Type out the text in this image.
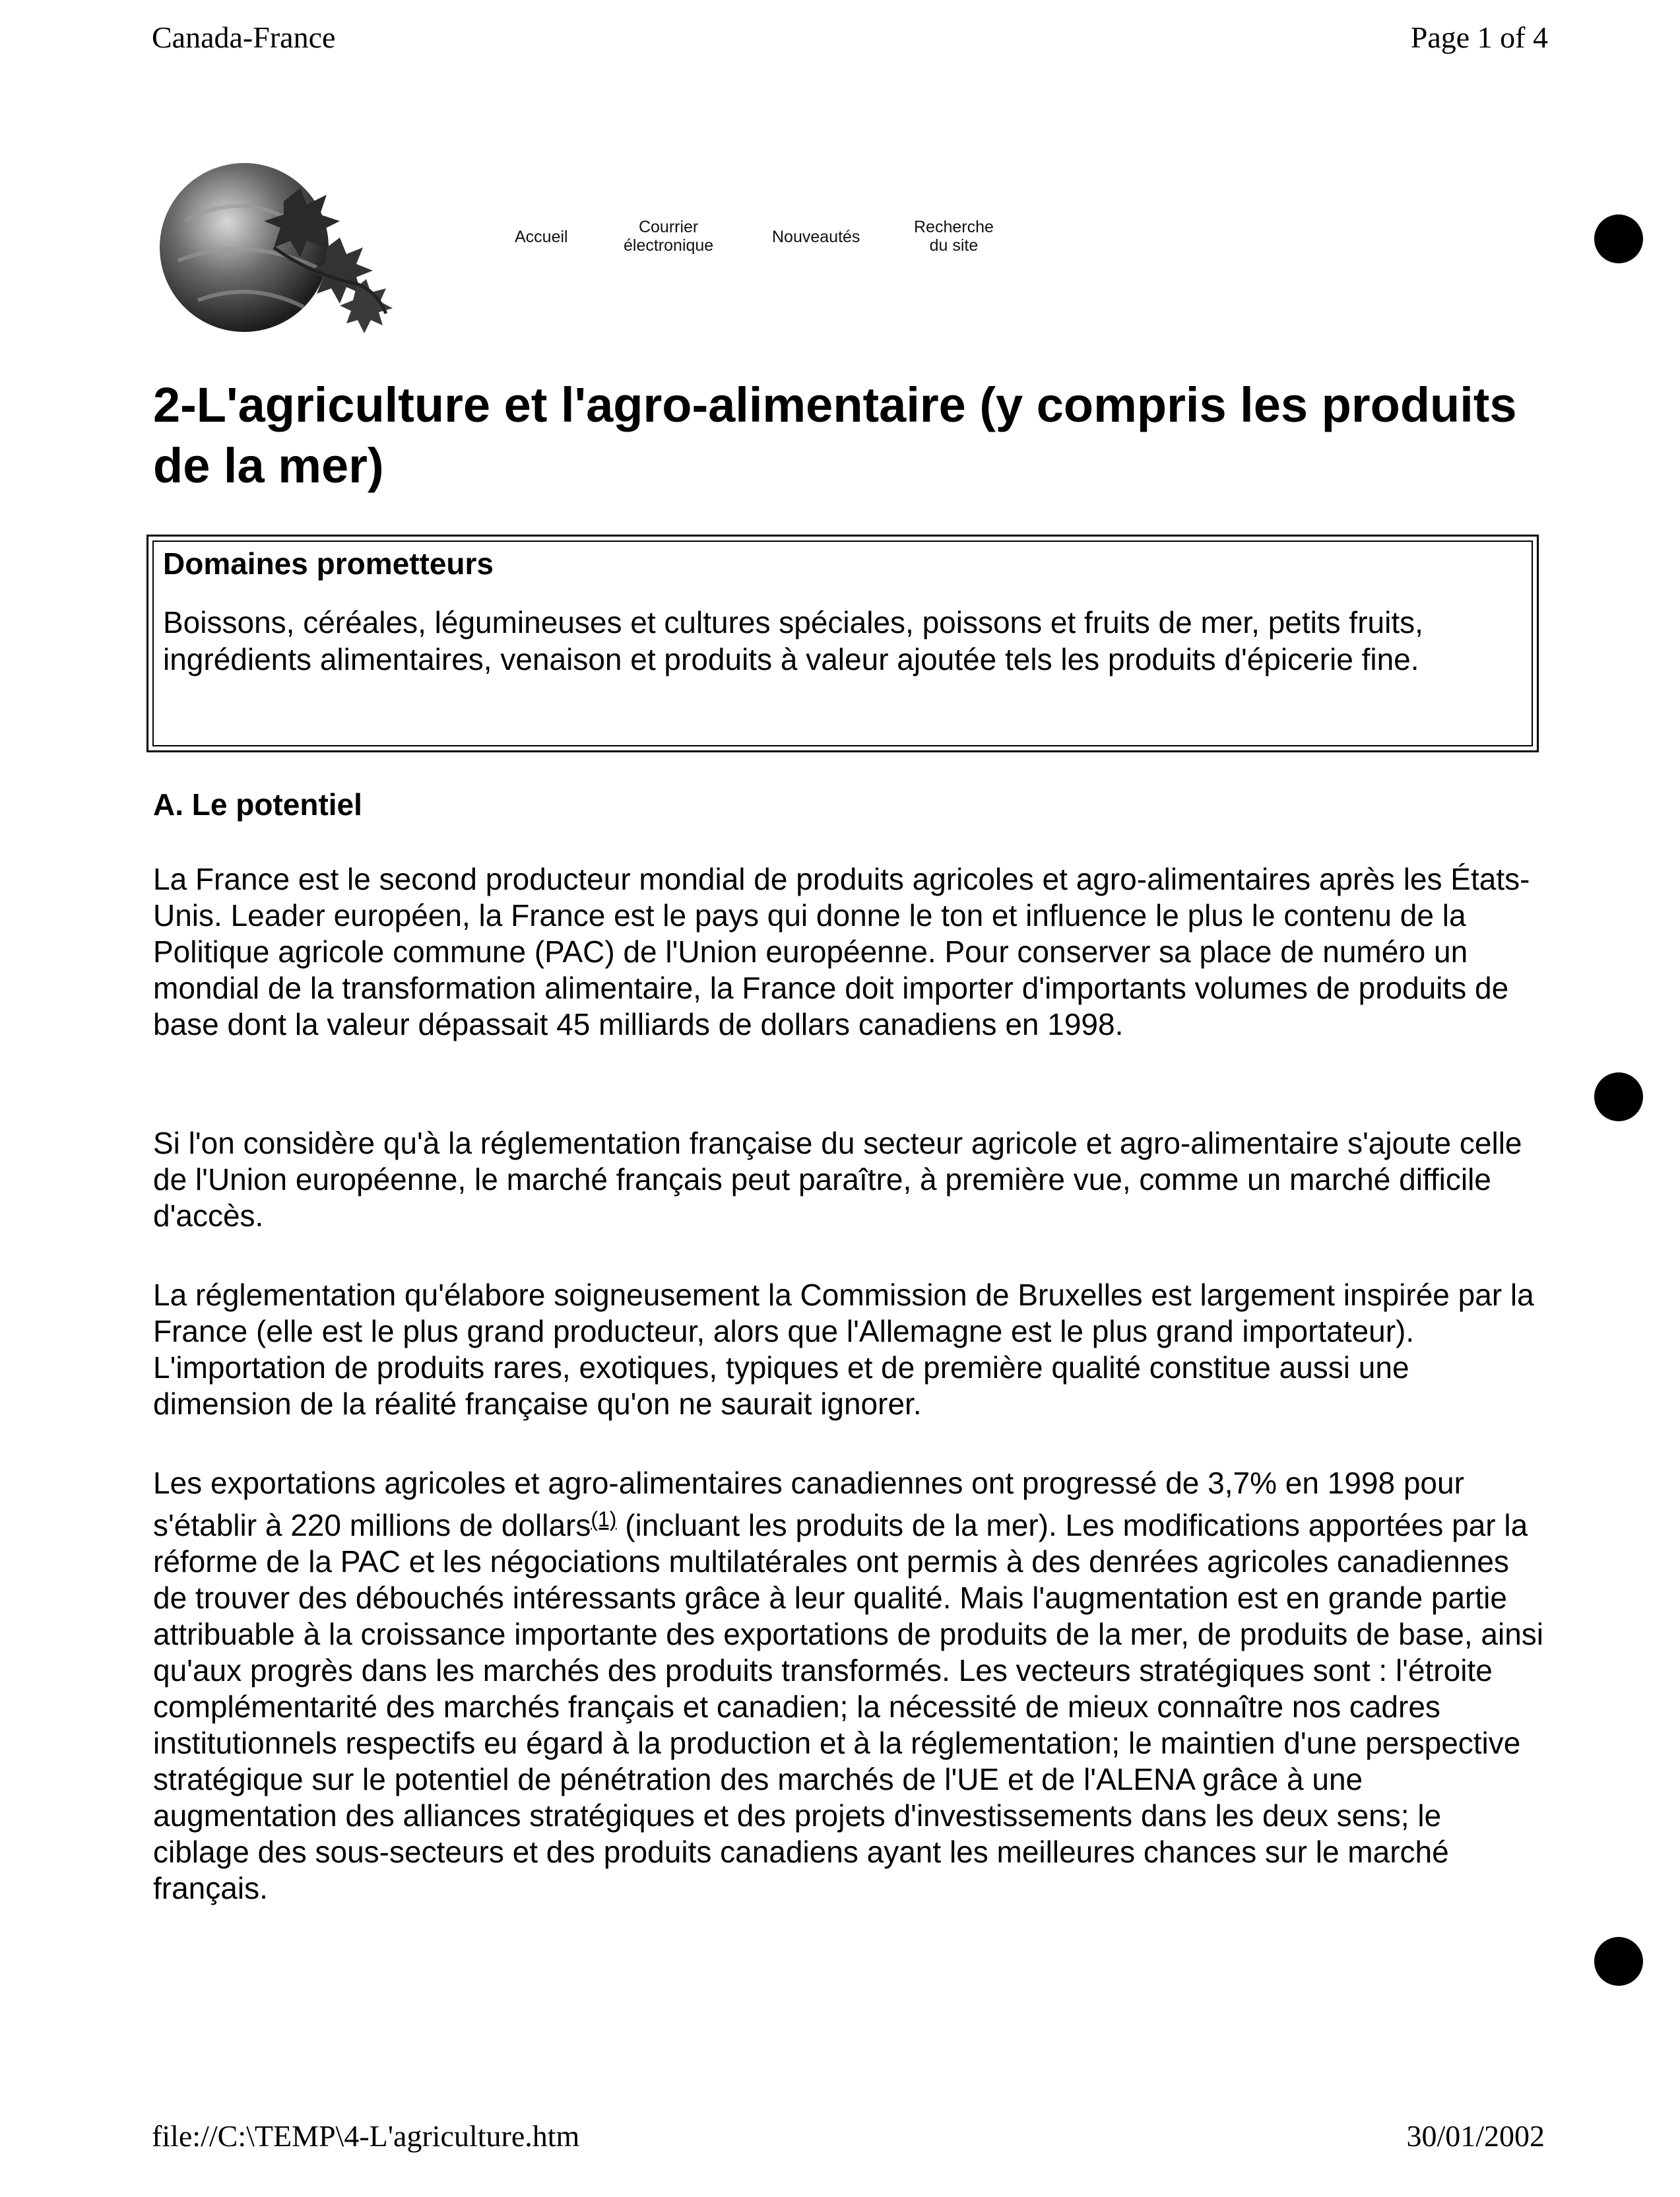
Canada-France	Page 1 of 4
Accueil
Courrier
électronique	Nouveautés
Recherche
du site
2-L'agriculture et l'agro-alimentaire (y compris les produits de la mer)

Domaines prometteurs

Boissons, céréales, légumineuses et cultures spéciales, poissons et fruits de mer, petits fruits, ingrédients alimentaires, venaison et produits à valeur ajoutée tels les produits d'épicerie fine.

A. Le potentiel

La France est le second producteur mondial de produits agricoles et agro-alimentaires après les États-Unis. Leader européen, la France est le pays qui donne le ton et influence le plus le contenu de la Politique agricole commune (PAC) de l'Union européenne. Pour conserver sa place de numéro un mondial de la transformation alimentaire, la France doit importer d'importants volumes de produits de base dont la valeur dépassait 45 milliards de dollars canadiens en 1998.

Si l'on considère qu'à la réglementation française du secteur agricole et agro-alimentaire s'ajoute celle de l'Union européenne, le marché français peut paraître, à première vue, comme un marché difficile d'accès.

La réglementation qu'élabore soigneusement la Commission de Bruxelles est largement inspirée par la France (elle est le plus grand producteur, alors que l'Allemagne est le plus grand importateur). L'importation de produits rares, exotiques, typiques et de première qualité constitue aussi une dimension de la réalité française qu'on ne saurait ignorer.

Les exportations agricoles et agro-alimentaires canadiennes ont progressé de 3,7% en 1998 pour s'établir à 220 millions de dollars$^{(1)}$ (incluant les produits de la mer). Les modifications apportées par la réforme de la PAC et les négociations multilatérales ont permis à des denrées agricoles canadiennes de trouver des débouchés intéressants grâce à leur qualité. Mais l'augmentation est en grande partie attribuable à la croissance importante des exportations de produits de la mer, de produits de base, ainsi qu'aux progrès dans les marchés des produits transformés. Les vecteurs stratégiques sont : l'étroite complémentarité des marchés français et canadien; la nécessité de mieux connaître nos cadres institutionnels respectifs eu égard à la production et à la réglementation; le maintien d'une perspective stratégique sur le potentiel de pénétration des marchés de l'UE et de l'ALENA grâce à une augmentation des alliances stratégiques et des projets d'investissements dans les deux sens; le ciblage des sous-secteurs et des produits canadiens ayant les meilleures chances sur le marché français.

file://C:\TEMP\4-L'agriculture.htm	30/01/2002
